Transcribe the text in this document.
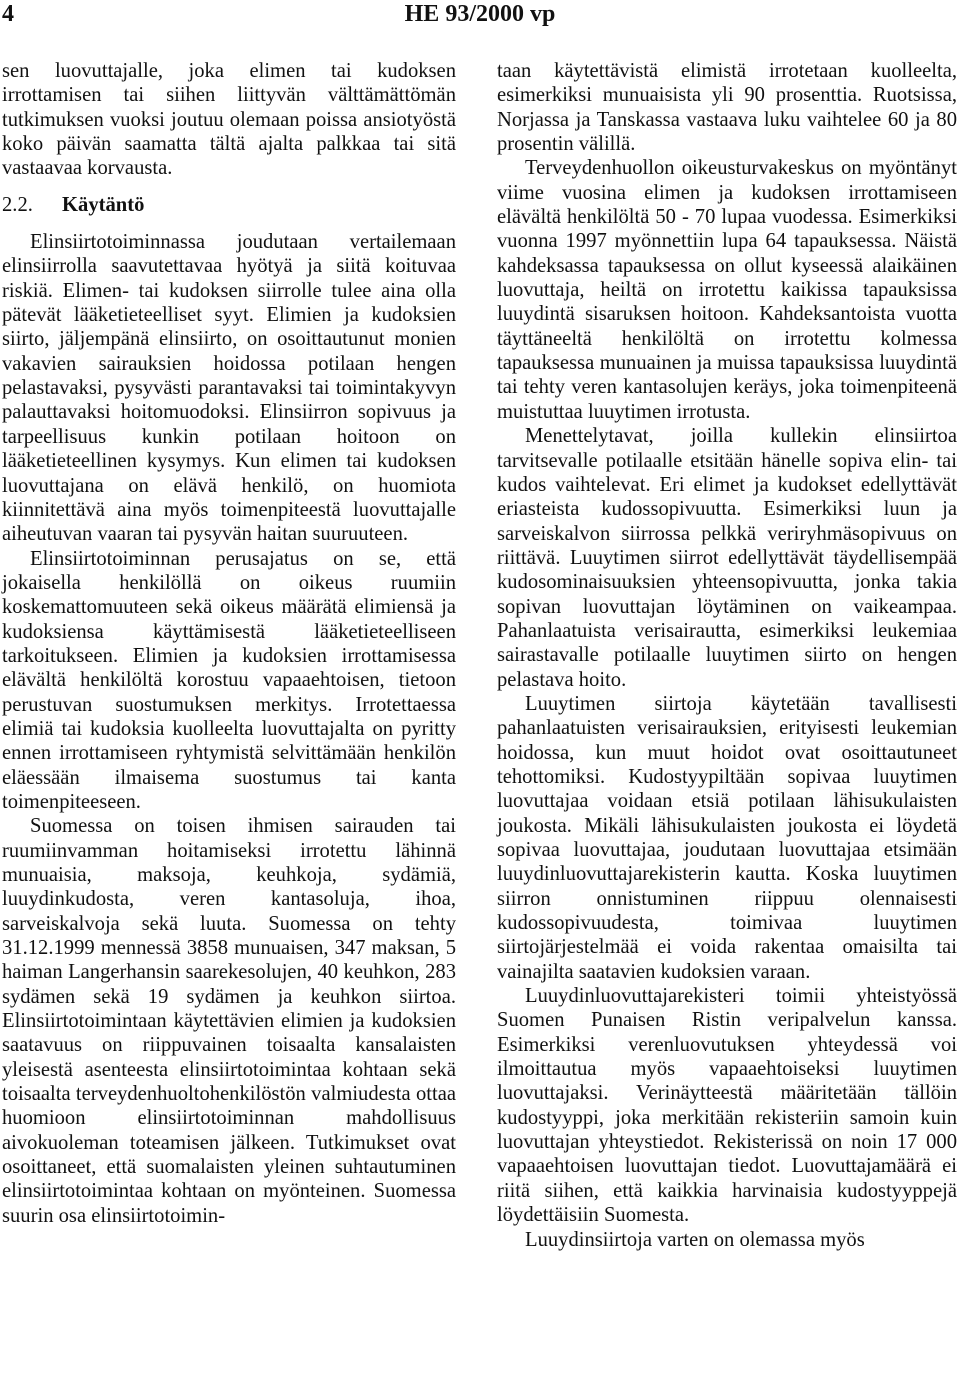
4	HE 93/2000 vp

sen luovuttajalle, joka elimen tai kudoksen irrottamisen tai siihen liittyvän välttämättömän tutkimuksen vuoksi joutuu olemaan poissa ansiotyöstä koko päivän saamatta tältä ajalta palkkaa tai sitä vastaavaa korvausta.

2.2. Käytäntö

Elinsiirtotoiminnassa joudutaan vertailemaan elinsiirrolla saavutettavaa hyötyä ja siitä koituvaa riskiä. Elimen- tai kudoksen siirrolle tulee aina olla pätevät lääketieteelliset syyt. Elimien ja kudoksien siirto, jäljempänä elinsiirto, on osoittautunut monien vakavien sairauksien hoidossa potilaan hengen pelastavaksi, pysyvästi parantavaksi tai toimintakyvyn palauttavaksi hoitomuodoksi. Elinsiirron sopivuus ja tarpeellisuus kunkin potilaan hoitoon on lääketieteellinen kysymys. Kun elimen tai kudoksen luovuttajana on elävä henkilö, on huomiota kiinnitettävä aina myös toimenpiteestä luovuttajalle aiheutuvan vaaran tai pysyvän haitan suuruuteen.

Elinsiirtotoiminnan perusajatus on se, että jokaisella henkilöllä on oikeus ruumiin koskemattomuuteen sekä oikeus määrätä elimiensä ja kudoksiensa käyttämisestä lääketieteelliseen tarkoitukseen. Elimien ja kudoksien irrottamisessa elävältä henkilöltä korostuu vapaaehtoisen, tietoon perustuvan suostumuksen merkitys. Irrotettaessa elimiä tai kudoksia kuolleelta luovuttajalta on pyritty ennen irrottamiseen ryhtymistä selvittämään henkilön eläessään ilmaisema suostumus tai kanta toimenpiteeseen.

Suomessa on toisen ihmisen sairauden tai ruumiinvamman hoitamiseksi irrotettu lähinnä munuaisia, maksoja, keuhkoja, sydämiä, luuydinkudosta, veren kantasoluja, ihoa, sarveiskalvoja sekä luuta. Suomessa on tehty 31.12.1999 mennessä 3858 munuaisen, 347 maksan, 5 haiman Langerhansin saarekesolujen, 40 keuhkon, 283 sydämen sekä 19 sydämen ja keuhkon siirtoa. Elinsiirtotoimintaan käytettävien elimien ja kudoksien saatavuus on riippuvainen toisaalta kansalaisten yleisestä asenteesta elinsiirtotoimintaa kohtaan sekä toisaalta terveydenhuoltohenkilöstön valmiudesta ottaa huomioon elinsiirtotoiminnan mahdollisuus aivokuoleman toteamisen jälkeen. Tutkimukset ovat osoittaneet, että suomalaisten yleinen suhtautuminen elinsiirtotoimintaa kohtaan on myönteinen. Suomessa suurin osa elinsiirtotoimin-

taan käytettävistä elimistä irrotetaan kuolleelta, esimerkiksi munuaisista yli 90 prosenttia. Ruotsissa, Norjassa ja Tanskassa vastaava luku vaihtelee 60 ja 80 prosentin välillä.

Terveydenhuollon oikeusturvakeskus on myöntänyt viime vuosina elimen ja kudoksen irrottamiseen elävältä henkilöltä 50 - 70 lupaa vuodessa. Esimerkiksi vuonna 1997 myönnettiin lupa 64 tapauksessa. Näistä kahdeksassa tapauksessa on ollut kyseessä alaikäinen luovuttaja, heiltä on irrotettu kaikissa tapauksissa luuydintä sisaruksen hoitoon. Kahdeksantoista vuotta täyttäneeltä henkilöltä on irrotettu kolmessa tapauksessa munuainen ja muissa tapauksissa luuydintä tai tehty veren kantasolujen keräys, joka toimenpiteenä muistuttaa luuytimen irrotusta.

Menettelytavat, joilla kullekin elinsiirtoa tarvitsevalle potilaalle etsitään hänelle sopiva elin- tai kudos vaihtelevat. Eri elimet ja kudokset edellyttävät eriasteista kudossopivuutta. Esimerkiksi luun ja sarveiskalvon siirrossa pelkkä veriryhmäsopivuus on riittävä. Luuytimen siirrot edellyttävät täydellisempää kudosominaisuuksien yhteensopivuutta, jonka takia sopivan luovuttajan löytäminen on vaikeampaa. Pahanlaatuista verisairautta, esimerkiksi leukemiaa sairastavalle potilaalle luuytimen siirto on hengen pelastava hoito.

Luuytimen siirtoja käytetään tavallisesti pahanlaatuisten verisairauksien, erityisesti leukemian hoidossa, kun muut hoidot ovat osoittautuneet tehottomiksi. Kudostyypiltään sopivaa luuytimen luovuttajaa voidaan etsiä potilaan lähisukulaisten joukosta. Mikäli lähisukulaisten joukosta ei löydetä sopivaa luovuttajaa, joudutaan luovuttajaa etsimään luuydinluovuttajarekisterin kautta. Koska luuytimen siirron onnistuminen riippuu olennaisesti kudossopivuudesta, toimivaa luuytimen siirtojärjestelmää ei voida rakentaa omaisilta tai vainajilta saatavien kudoksien varaan.

Luuydinluovuttajarekisteri toimii yhteistyössä Suomen Punaisen Ristin veripalvelun kanssa. Esimerkiksi verenluovutuksen yhteydessä voi ilmoittautua myös vapaaehtoiseksi luuytimen luovuttajaksi. Verinäytteestä määritetään tällöin kudostyyppi, joka merkitään rekisteriin samoin kuin luovuttajan yhteystiedot. Rekisterissä on noin 17 000 vapaaehtoisen luovuttajan tiedot. Luovuttajamäärä ei riitä siihen, että kaikkia harvinaisia kudostyyppejä löydettäisiin Suomesta.

Luuydinsiirtoja varten on olemassa myös
